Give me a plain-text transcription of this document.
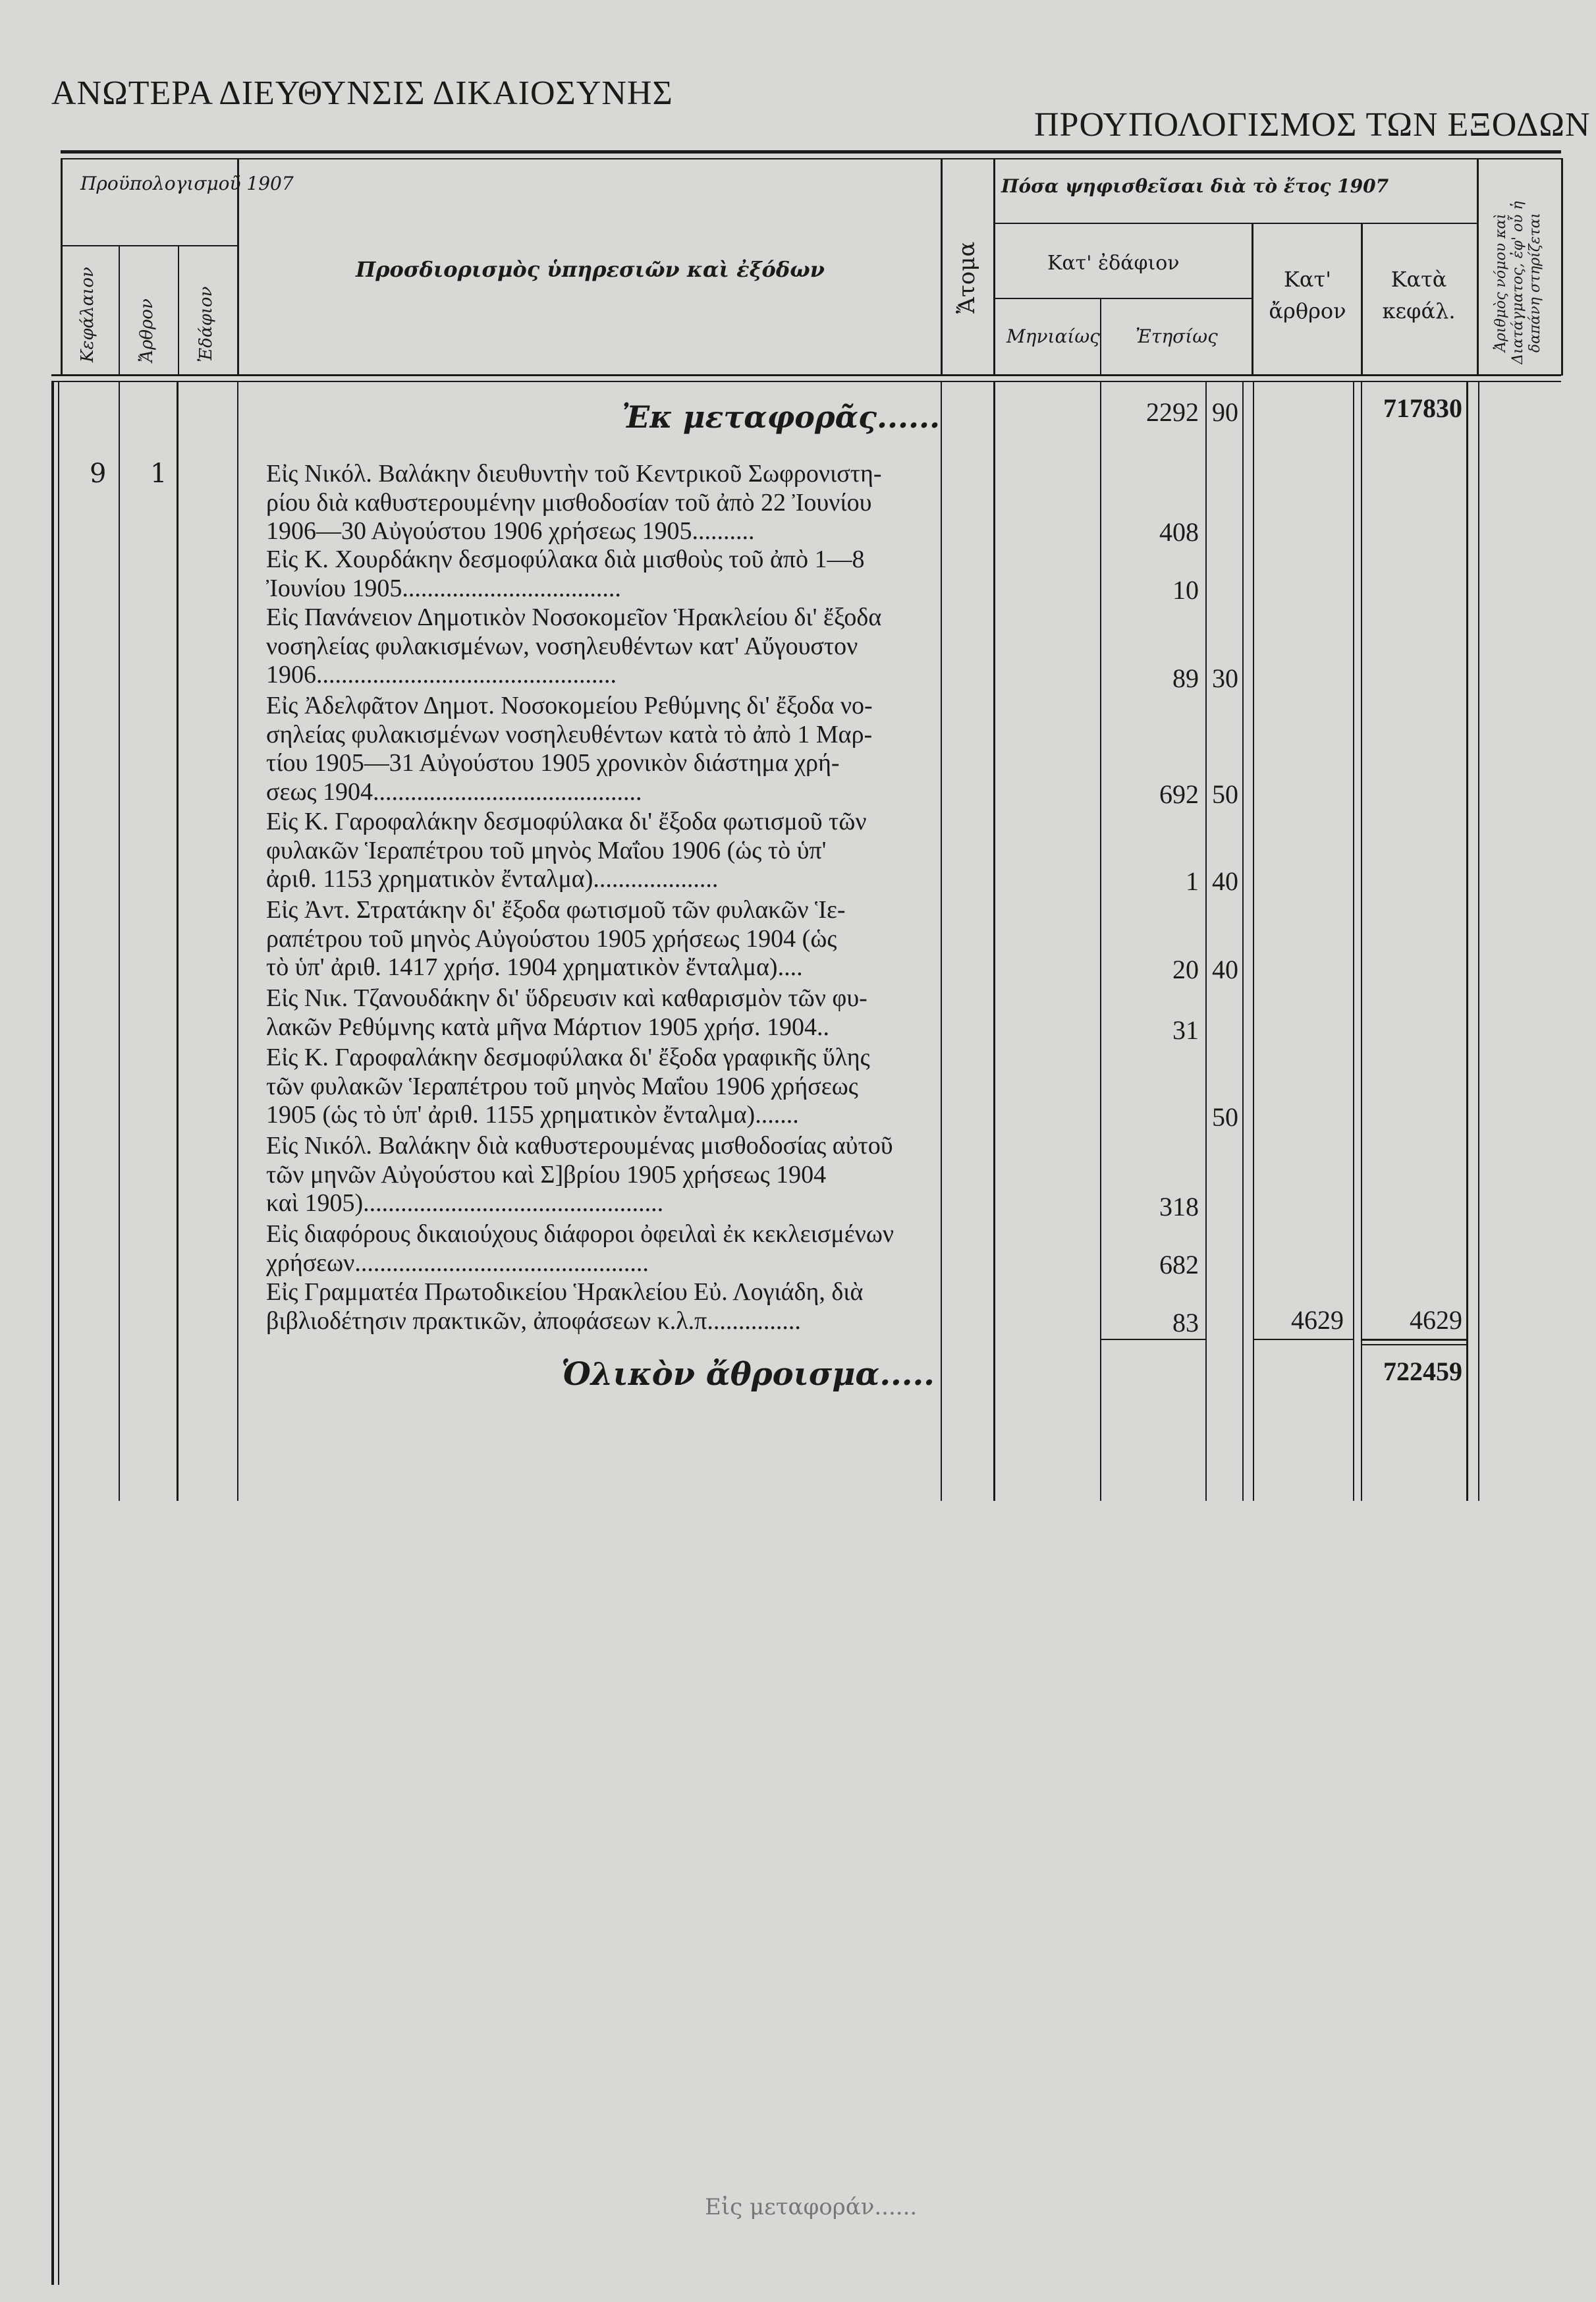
ΑΝΩΤΕΡΑ ΔΙΕΥΘΥΝΣΙΣ ΔΙΚΑΙΟΣΥΝΗΣ
ΠΡΟΥΠΟΛΟΓΙΣΜΟΣ ΤΩΝ ΕΞΟΔΩΝ
Προϋπολογισμοῦ 1907
Κεφάλαιον Ἄρθρον Ἐδάφιον
Προσδιορισμὸς ὑπηρεσιῶν καὶ ἐξόδων	Ἄτομα
Πόσα ψηφισθεῖσαι διὰ τὸ ἔτος 1907
Κατ' ἐδάφιον
Μηνιαίως Ἐτησίως
Κατ' ἄρθρον
Κατὰ κεφάλ.	Ἀριθμὸς νόμου καὶ Διατάγματος, ἐφ' οὗ ἡ δαπάνη στηρίζεται
Ἐκ μεταφορᾶς......	2292 90	717830
9 1	Εἰς Νικόλ. Βαλάκην διευθυντὴν τοῦ Κεντρικοῦ Σωφρονιστη-
ρίου διὰ καθυστερουμένην μισθοδοσίαν τοῦ ἀπὸ 22 Ἰουνίου
1906—30 Αὐγούστου 1906 χρήσεως 1905..........	408
Εἰς Κ. Χουρδάκην δεσμοφύλακα διὰ μισθοὺς τοῦ ἀπὸ 1—8
Ἰουνίου 1905...................................	10
Εἰς Πανάνειον Δημοτικὸν Νοσοκομεῖον Ἡρακλείου δι' ἔξοδα
νοσηλείας φυλακισμένων, νοσηλευθέντων κατ' Αὔγουστον
1906................................................	89 30
Εἰς Ἀδελφᾶτον Δημοτ. Νοσοκομείου Ρεθύμνης δι' ἔξοδα νο-
σηλείας φυλακισμένων νοσηλευθέντων κατὰ τὸ ἀπὸ 1 Μαρ-
τίου 1905—31 Αὐγούστου 1905 χρονικὸν διάστημα χρή-
σεως 1904...........................................	692 50
Εἰς Κ. Γαροφαλάκην δεσμοφύλακα δι' ἔξοδα φωτισμοῦ τῶν
φυλακῶν Ἱεραπέτρου τοῦ μηνὸς Μαΐου 1906 (ὡς τὸ ὑπ'
ἀριθ. 1153 χρηματικὸν ἔνταλμα)....................	1 40
Εἰς Ἀντ. Στρατάκην δι' ἔξοδα φωτισμοῦ τῶν φυλακῶν Ἱε-
ραπέτρου τοῦ μηνὸς Αὐγούστου 1905 χρήσεως 1904 (ὡς
τὸ ὑπ' ἀριθ. 1417 χρήσ. 1904 χρηματικὸν ἔνταλμα)....	20 40
Εἰς Νικ. Τζανουδάκην δι' ὕδρευσιν καὶ καθαρισμὸν τῶν φυ-
λακῶν Ρεθύμνης κατὰ μῆνα Μάρτιον 1905 χρήσ. 1904..	31
Εἰς Κ. Γαροφαλάκην δεσμοφύλακα δι' ἔξοδα γραφικῆς ὕλης
τῶν φυλακῶν Ἱεραπέτρου τοῦ μηνὸς Μαΐου 1906 χρήσεως
1905 (ὡς τὸ ὑπ' ἀριθ. 1155 χρηματικὸν ἔνταλμα).......	50
Εἰς Νικόλ. Βαλάκην διὰ καθυστερουμένας μισθοδοσίας αὐτοῦ
τῶν μηνῶν Αὐγούστου καὶ Σ]βρίου 1905 χρήσεως 1904
καὶ 1905)................................................	318
Εἰς διαφόρους δικαιούχους διάφοροι ὀφειλαὶ ἐκ κεκλεισμένων
χρήσεων...............................................	682
Εἰς Γραμματέα Πρωτοδικείου Ἡρακλείου Εὐ. Λογιάδη, διὰ
βιβλιοδέτησιν πρακτικῶν, ἀποφάσεων κ.λ.π...............	83	4629	4629
Ὁλικὸν ἄθροισμα.....	722459
Εἰς μεταφοράν......
